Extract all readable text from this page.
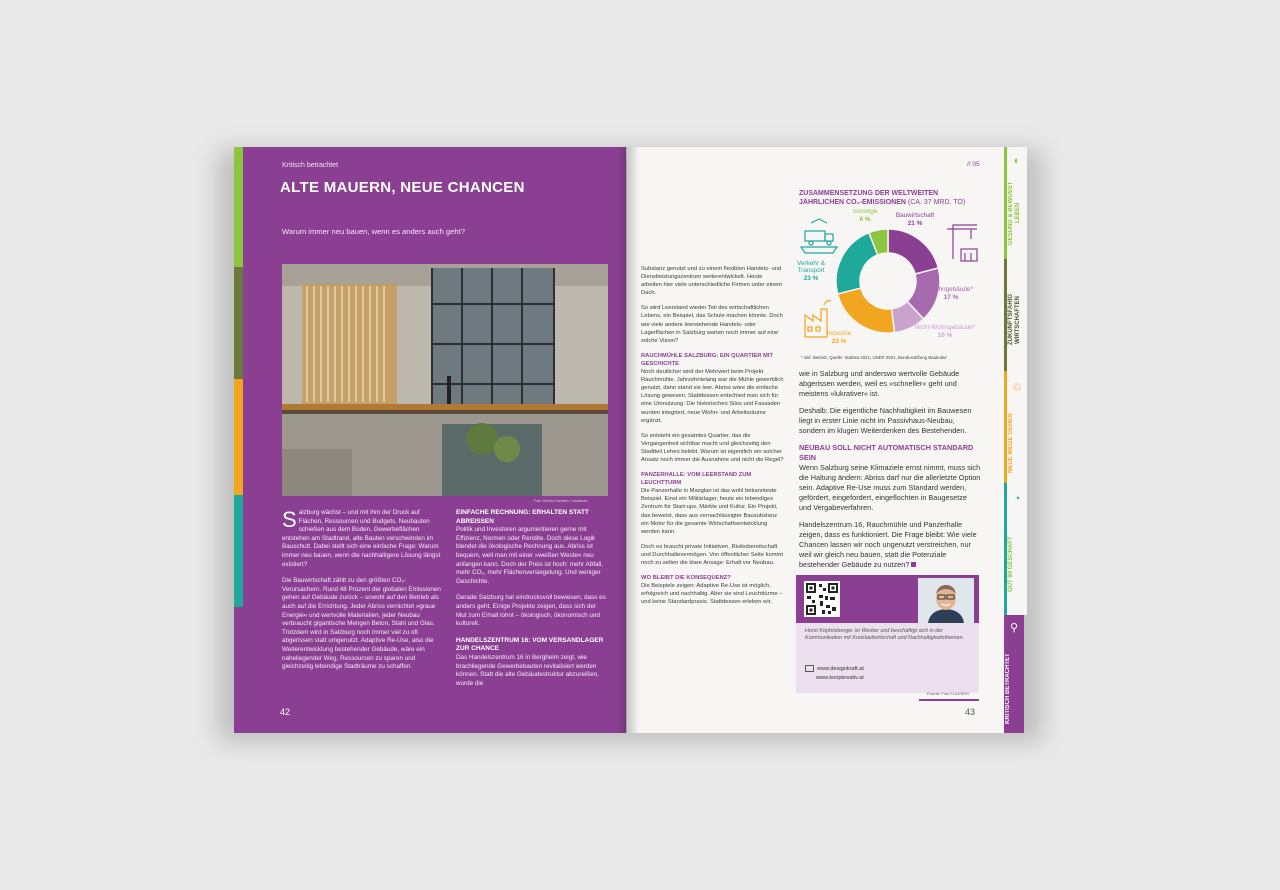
Kritisch betrachtet
ALTE MAUERN, NEUE CHANCEN
Warum immer neu bauen, wenn es anders auch geht?
Foto: Dimitar Gamtsev / artadiarch

Salzburg wächst – und mit ihm der Druck auf Flächen, Ressourcen und Budgets. Neubauten schießen aus dem Boden, Gewerbeflächen entstehen am Stadtrand, alte Bauten verschwinden im Bauschutt. Dabei stellt sich eine einfache Frage: Warum immer neu bauen, wenn die nachhaltigere Lösung längst existiert?

Die Bauwirtschaft zählt zu den größten CO₂-Verursachern. Rund 48 Prozent der globalen Emissionen gehen auf Gebäude zurück – sowohl auf den Betrieb als auch auf die Errichtung. Jeder Abriss vernichtet »graue Energie« und wertvolle Materialien, jeder Neubau verbraucht gigantische Mengen Beton, Stahl und Glas. Trotzdem wird in Salzburg noch immer viel zu oft abgerissen statt umgenutzt. Adaptive Re-Use, also die Weiterentwicklung bestehender Gebäude, wäre ein naheliegender Weg, Ressourcen zu sparen und gleichzeitig lebendige Stadträume zu schaffen.

EINFACHE RECHNUNG: ERHALTEN STATT ABREISSEN

Politik und Investoren argumentieren gerne mit Effizienz, Normen oder Rendite. Doch diese Logik blendet die ökologische Rechnung aus. Abriss ist bequem, weil man mit einer »weißen Weste« neu anfangen kann. Doch der Preis ist hoch: mehr Abfall, mehr CO₂, mehr Flächenversiegelung. Und weniger Geschichte.

Gerade Salzburg hat eindrucksvoll bewiesen, dass es anders geht. Einige Projekte zeigen, dass sich der Mut zum Erhalt lohnt – ökologisch, ökonomisch und kulturell.

HANDELSZENTRUM 16: VOM VERSANDLAGER ZUR CHANCE

Das Handelszentrum 16 in Bergheim zeigt, wie brachliegende Gewerbebauten revitalisiert werden können. Statt die alte Gebäudestruktur abzureißen, wurde die

42
// 05

Substanz genutzt und zu einem flexiblen Handels- und Dienstleistungszentrum weiterentwickelt. Heute arbeiten hier viele unterschiedliche Firmen unter einem Dach.

So wird Leerstand wieder Teil des wirtschaftlichen Lebens, ein Beispiel, das Schule machen könnte. Doch wie viele andere leerstehende Handels- oder Lagerflächen in Salzburg warten noch immer auf eine solche Vision?

RAUCHMÜHLE SALZBURG: EIN QUARTIER MIT GESCHICHTE

Noch deutlicher wird der Mehrwert beim Projekt Rauchmühle. Jahrzehntelang war die Mühle gewerblich genutzt, dann stand sie leer. Abriss wäre die einfache Lösung gewesen. Stattdessen entschied man sich für eine Umnutzung: Die historischen Silos und Fassaden wurden integriert, neue Wohn- und Arbeitsräume ergänzt.

So entsteht ein gesamtes Quartier, das die Vergangenheit sichtbar macht und gleichzeitig den Stadtteil Lehen belebt. Warum ist eigentlich ein solcher Ansatz noch immer die Ausnahme und nicht die Regel?

PANZERHALLE: VOM LEERSTAND ZUM LEUCHTTURM

Die Panzerhalle in Maxglan ist das wohl bekannteste Beispiel. Einst ein Militärlager, heute ein lebendiges Zentrum für Start-ups, Märkte und Kultur. Ein Projekt, das beweist, dass aus vernachlässigter Bausubstanz ein Motor für die gesamte Wirtschaftsentwicklung werden kann.

Doch es braucht private Initiativen, Risikobereitschaft und Durchhaltevermögen. Von öffentlicher Seite kommt noch zu selten die klare Ansage: Erhalt vor Neubau.

WO BLEIBT DIE KONSEQUENZ?

Die Beispiele zeigen: Adaptive Re-Use ist möglich, erfolgreich und nachhaltig. Aber sie sind Leuchttürme – und keine Standardpraxis. Stattdessen erleben wir,

ZUSAMMENSETZUNG DER WELTWEITEN
JÄHRLICHEN CO₂-EMISSIONEN (CA. 37 MRD. TO)
Bauwirtschaft
21 %
Wohngebäude*
17 %
Nicht-Wohngebäude*
10 %
Industrie
23 %
Verkehr & Transport
23 %
Sonstige
6 %
* inkl. Betrieb, Quelle: Statista 2021, UNEP 2021, Bundesstiftung Baukultur

wie in Salzburg und anderswo wertvolle Gebäude abgerissen werden, weil es »schneller« geht und meistens »lukrativer« ist.

Deshalb: Die eigentliche Nachhaltigkeit im Bauwesen liegt in erster Linie nicht im Passivhaus-Neubau, sondern im klugen Weiterdenken des Bestehenden.

NEUBAU SOLL NICHT AUTOMATISCH STANDARD SEIN

Wenn Salzburg seine Klimaziele ernst nimmt, muss sich die Haltung ändern: Abriss darf nur die allerletzte Option sein. Adaptive Re-Use muss zum Standard werden, gefördert, eingefordert, eingeflochten in Baugesetze und Vergabeverfahren.

Handelszentrum 16, Rauchmühle und Panzerhalle zeigen, dass es funktioniert. Die Frage bleibt: Wie viele Chancen lassen wir noch ungenutzt verstreichen, nur weil wir gleich neu bauen, statt die Potenziale bestehender Gebäude zu nutzen?

Horst Köpfelsberger ist Werber und beschäftigt sich in der Kommunikation mit Kreislaufwirtschaft und Nachhaltigkeitsthemen.
www.designkraft.at
www.koopkreativ.at
Porträt: Foto FLAUSEN
43
◐
GESUND & BEWUSST LEBEN
ZUKUNFTSFÄHIG WIRTSCHAFTEN
♲
NEUE WEGE GEHEN
◔
GUT IM GESCHÄFT
⚲
KRITISCH BETRACHTET
